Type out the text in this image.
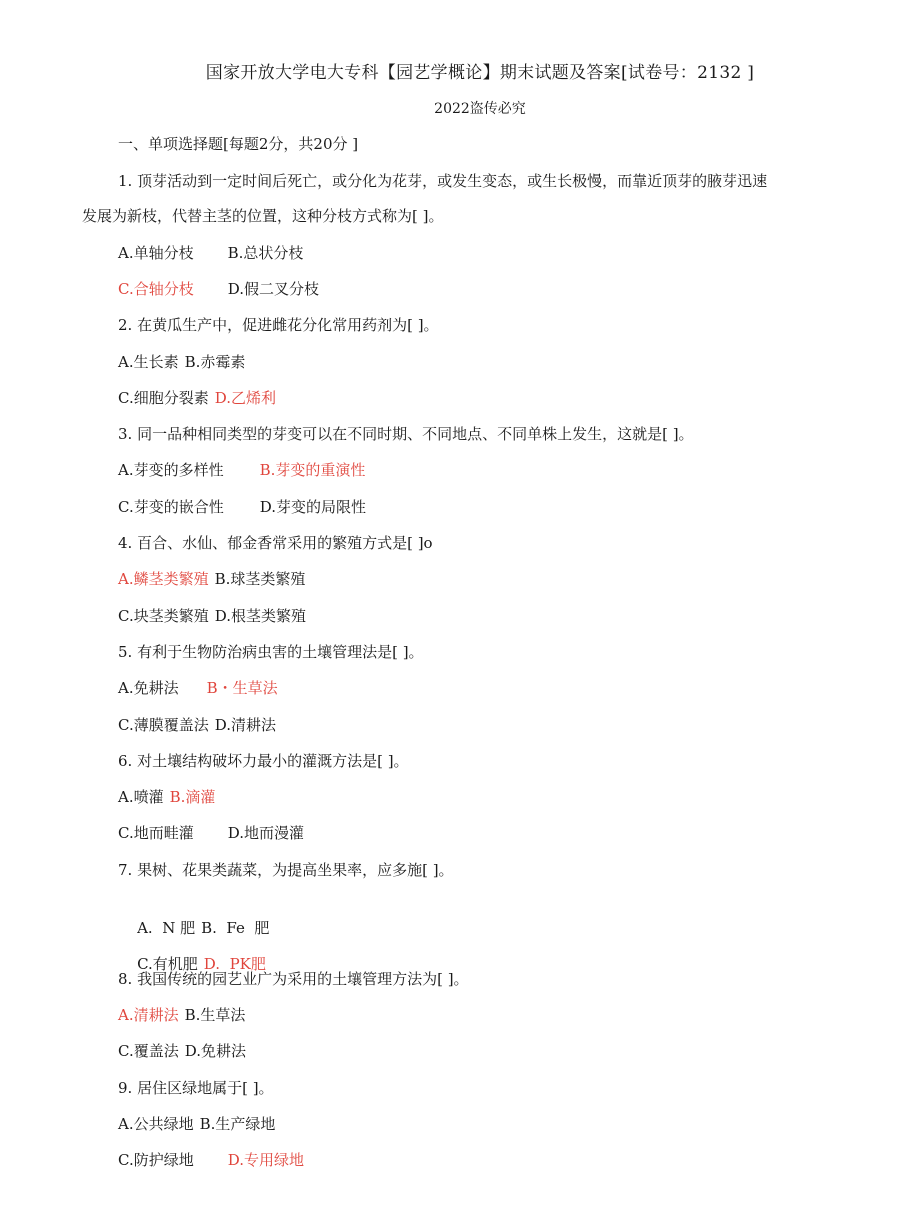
国家开放大学电大专科【园艺学概论】期末试题及答案[试卷号：2132 ]
2022盗传必究
一、单项选择题[每题2分，共20分 ]
1. 顶芽活动到一定时间后死亡，或分化为花芽，或发生变态，或生长极慢，而靠近顶芽的腋芽迅速
发展为新枝，代替主茎的位置，这种分枝方式称为[ ]。
A.单轴分枝 B.总状分枝
C.合轴分枝 D.假二叉分枝
2. 在黄瓜生产中，促进雌花分化常用药剂为[ ]。
A.生长素 B.赤霉素
C.细胞分裂素 D.乙烯利
3. 同一品种相同类型的芽变可以在不同时期、不同地点、不同单株上发生，这就是[ ]。
A.芽变的多样性 B.芽变的重演性
C.芽变的嵌合性 D.芽变的局限性
4. 百合、水仙、郁金香常采用的繁殖方式是[ ]o
A.鳞茎类繁殖 B.球茎类繁殖
C.块茎类繁殖 D.根茎类繁殖
5. 有利于生物防治病虫害的土壤管理法是[ ]。
A.免耕法 B・生草法
C.薄膜覆盖法 D.清耕法
6. 对土壤结构破坏力最小的灌溉方法是[ ]。
A.喷灌 B.滴灌
C.地而畦灌 D.地而漫灌
7. 果树、花果类蔬菜，为提高坐果率，应多施[ ]。

A.  N 肥 B.  Fe  肥

C.有机肥 D.  PK肥

8. 我国传统的园艺业广为采用的土壤管理方法为[ ]。
A.清耕法 B.生草法
C.覆盖法 D.免耕法
9. 居住区绿地属于[ ]。
A.公共绿地 B.生产绿地
C.防护绿地 D.专用绿地
